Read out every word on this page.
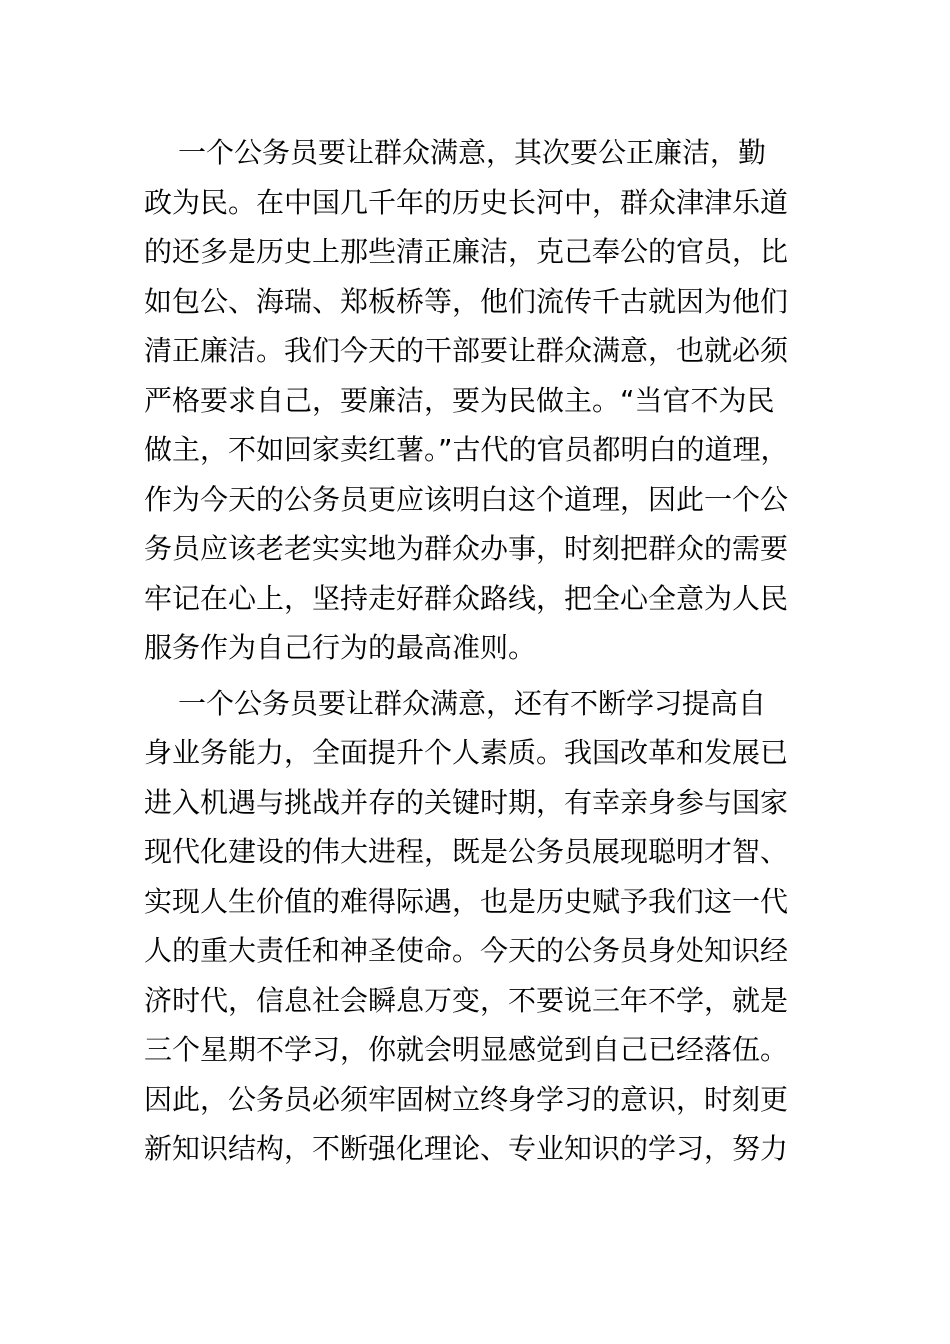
一个公务员要让群众满意，其次要公正廉洁，勤
政为民。在中国几千年的历史长河中，群众津津乐道
的还多是历史上那些清正廉洁，克己奉公的官员，比
如包公、海瑞、郑板桥等，他们流传千古就因为他们
清正廉洁。我们今天的干部要让群众满意，也就必须
严格要求自己，要廉洁，要为民做主。“当官不为民
做主，不如回家卖红薯。”古代的官员都明白的道理，
作为今天的公务员更应该明白这个道理，因此一个公
务员应该老老实实地为群众办事，时刻把群众的需要
牢记在心上，坚持走好群众路线，把全心全意为人民
服务作为自己行为的最高准则。
一个公务员要让群众满意，还有不断学习提高自
身业务能力，全面提升个人素质。我国改革和发展已
进入机遇与挑战并存的关键时期，有幸亲身参与国家
现代化建设的伟大进程，既是公务员展现聪明才智、
实现人生价值的难得际遇，也是历史赋予我们这一代
人的重大责任和神圣使命。今天的公务员身处知识经
济时代，信息社会瞬息万变，不要说三年不学，就是
三个星期不学习，你就会明显感觉到自己已经落伍。
因此，公务员必须牢固树立终身学习的意识，时刻更
新知识结构，不断强化理论、专业知识的学习，努力
